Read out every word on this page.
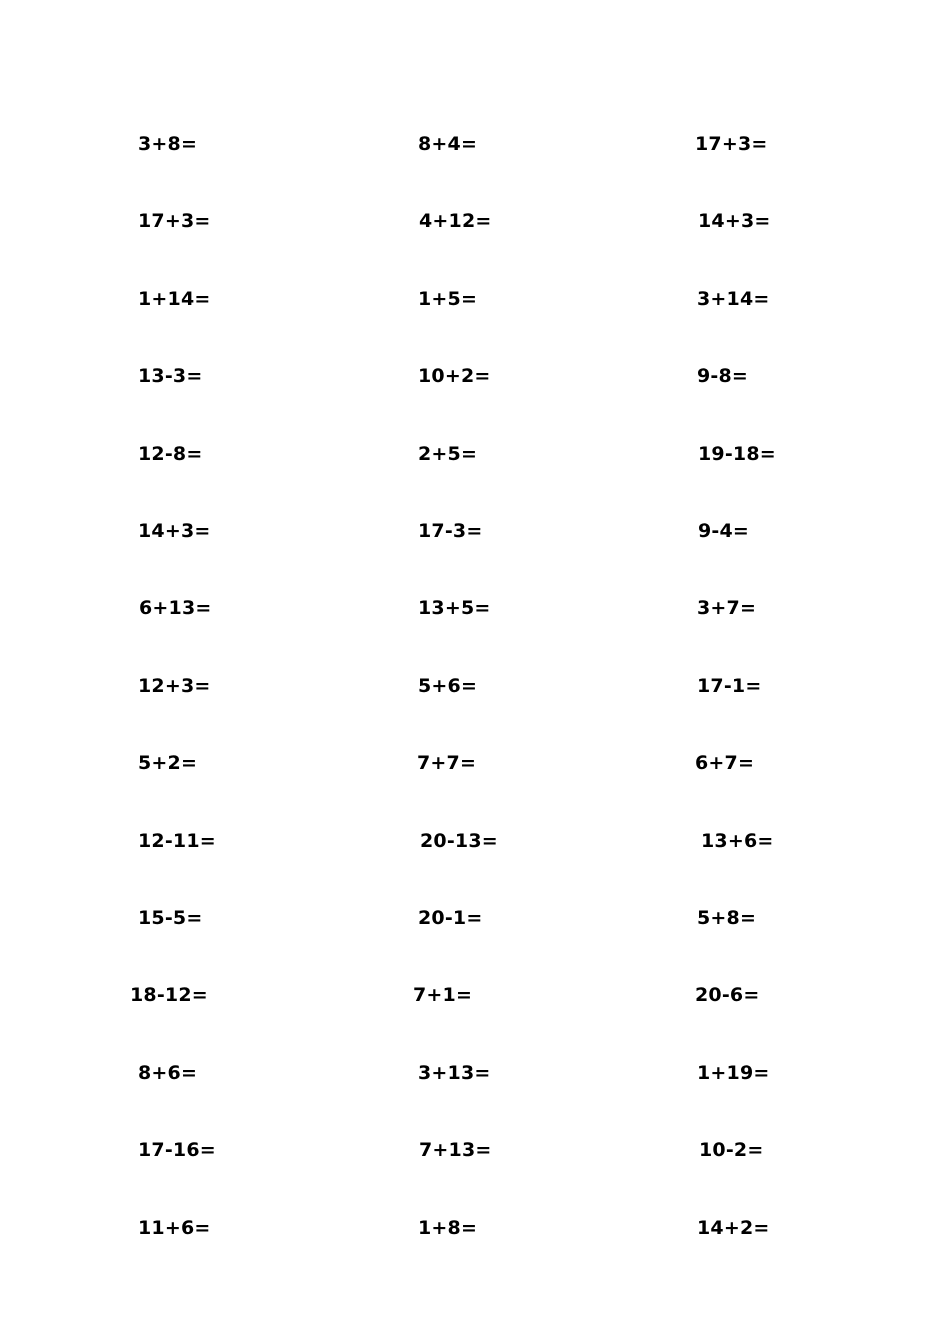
3+8=	8+4=	17+3=
17+3=	4+12=	14+3=
1+14=	1+5=	3+14=
13-3=	10+2=	9-8=
12-8=	2+5=	19-18=
14+3=	17-3=	9-4=
6+13=	13+5=	3+7=
12+3=	5+6=	17-1=
5+2=	7+7=	6+7=
12-11=	20-13=	13+6=
15-5=	20-1=	5+8=
18-12=	7+1=	20-6=
8+6=	3+13=	1+19=
17-16=	7+13=	10-2=
11+6=	1+8=	14+2=
